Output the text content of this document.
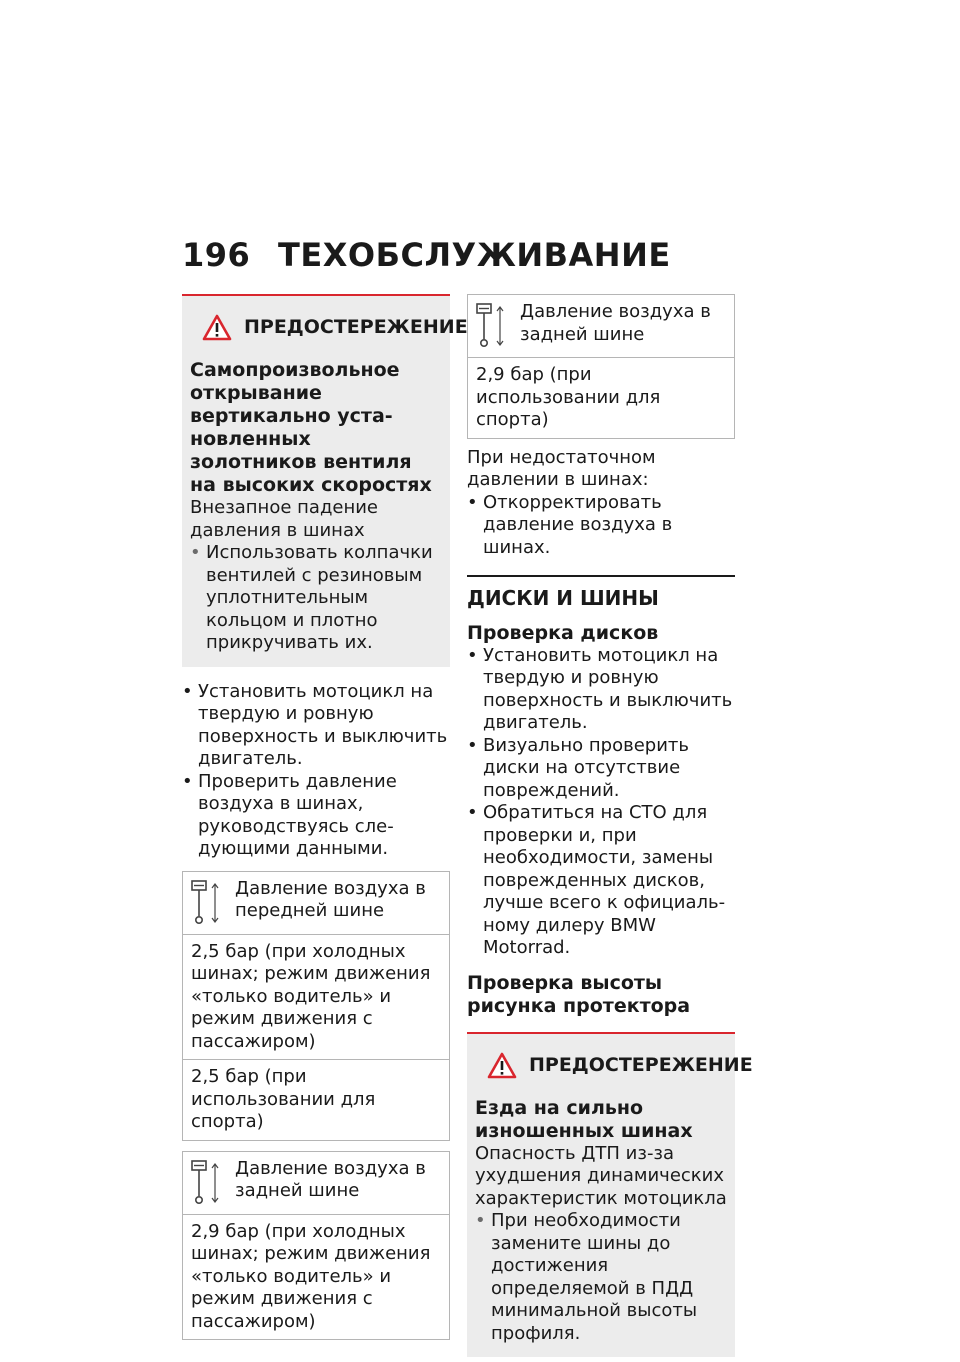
196 ТЕХОБСЛУЖИВАНИЕ
ПРЕДОСТЕРЕЖЕНИЕ
Самопроизвольное открывание вертикально установленных золотников вентиля на высоких скоростях
Внезапное падение давления в шинах
• Использовать колпачки вентилей с резиновым уплотнительным кольцом и плотно прикручивать их.
• Установить мотоцикл на твердую и ровную поверхность и выключить двигатель.
• Проверить давление воздуха в шинах, руководствуясь следующими данными.
Давление воздуха в передней шине
2,5 бар (при холодных шинах; режим движения «только водитель» и режим движения с пассажиром)
2,5 бар (при использовании для спорта)
Давление воздуха в задней шине
2,9 бар (при холодных шинах; режим движения «только водитель» и режим движения с пассажиром)
Давление воздуха в задней шине
2,9 бар (при использовании для спорта)
При недостаточном давлении в шинах:
• Откорректировать давление воздуха в шинах.
ДИСКИ И ШИНЫ
Проверка дисков
• Установить мотоцикл на твердую и ровную поверхность и выключить двигатель.
• Визуально проверить диски на отсутствие повреждений.
• Обратиться на СТО для проверки и, при необходимости, замены поврежденных дисков, лучше всего к официальному дилеру BMW Motorrad.
Проверка высоты рисунка протектора
ПРЕДОСТЕРЕЖЕНИЕ
Езда на сильно изношенных шинах
Опасность ДТП из-за ухудшения динамических характеристик мотоцикла
• При необходимости замените шины до достижения определяемой в ПДД минимальной высоты профиля.
